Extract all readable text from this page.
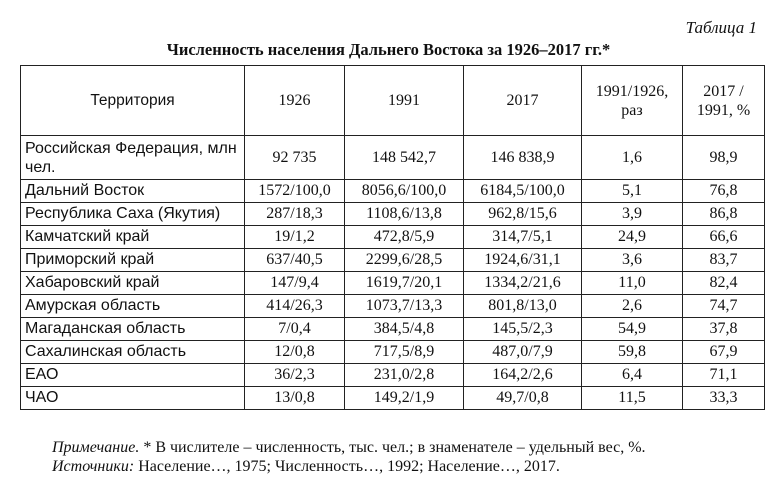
Таблица 1
Численность населения Дальнего Востока за 1926–2017 гг.*
Территория	1926	1991	2017	1991/1926, раз	2017 / 1991, %
Российская Федерация, млн чел.	92 735	148 542,7	146 838,9	1,6	98,9
Дальний Восток	1572/100,0	8056,6/100,0	6184,5/100,0	5,1	76,8
Республика Саха (Якутия)	287/18,3	1108,6/13,8	962,8/15,6	3,9	86,8
Камчатский край	19/1,2	472,8/5,9	314,7/5,1	24,9	66,6
Приморский край	637/40,5	2299,6/28,5	1924,6/31,1	3,6	83,7
Хабаровский край	147/9,4	1619,7/20,1	1334,2/21,6	11,0	82,4
Амурская область	414/26,3	1073,7/13,3	801,8/13,0	2,6	74,7
Магаданская область	7/0,4	384,5/4,8	145,5/2,3	54,9	37,8
Сахалинская область	12/0,8	717,5/8,9	487,0/7,9	59,8	67,9
ЕАО	36/2,3	231,0/2,8	164,2/2,6	6,4	71,1
ЧАО	13/0,8	149,2/1,9	49,7/0,8	11,5	33,3
Примечание. * В числителе – численность, тыс. чел.; в знаменателе – удельный вес, %.
Источники: Население…, 1975; Численность…, 1992; Население…, 2017.
